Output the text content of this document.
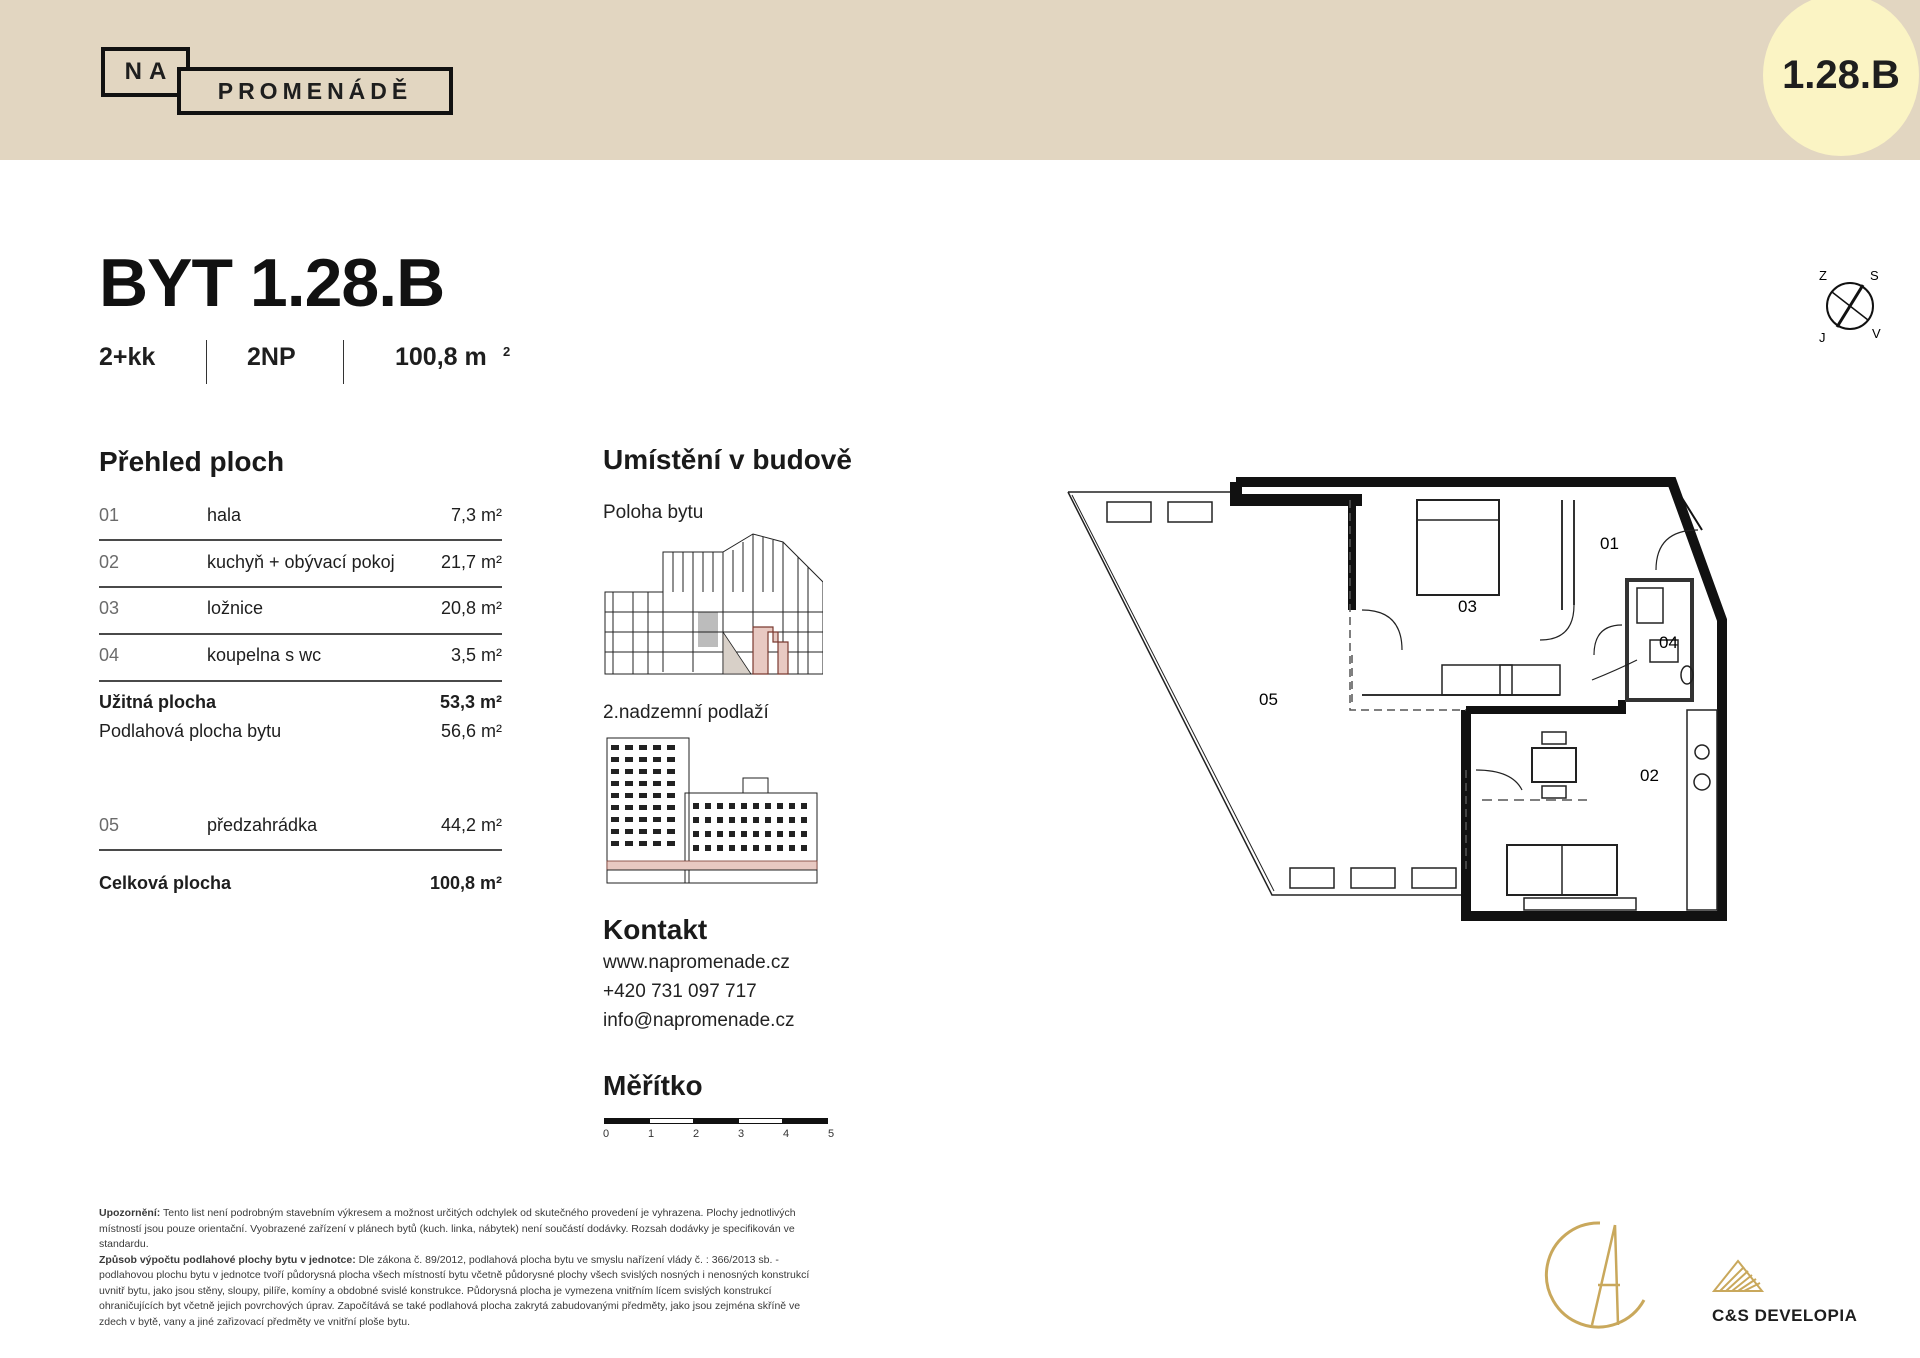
NA
PROMENÁDĚ	1.28.B
BYT 1.28.B
2+kk	2NP	100,8 m 2
Z	S
J	V
Přehled ploch
01	hala	7,3 m²
02	kuchyň + obývací pokoj	21,7 m²
03	ložnice	20,8 m²
04	koupelna s wc	3,5 m²
Užitná plocha	53,3 m²
Podlahová plocha bytu	56,6 m²
05	předzahrádka	44,2 m²
Celková plocha	100,8 m²
Umístění v budově
Poloha bytu
2.nadzemní podlaží
Kontakt
www.napromenade.cz
+420 731 097 717
info@napromenade.cz
Měřítko
0	1	2	3	4	5
01
02
03
04
05
Upozornění: Tento list není podrobným stavebním výkresem a možnost určitých odchylek od skutečného provedení je vyhrazena. Plochy jednotlivých místností jsou pouze orientační. Vyobrazené zařízení v plánech bytů (kuch. linka, nábytek) není součástí dodávky. Rozsah dodávky je specifikován ve standardu.
Způsob výpočtu podlahové plochy bytu v jednotce: Dle zákona č. 89/2012, podlahová plocha bytu ve smyslu nařízení vlády č. : 366/2013 sb. - podlahovou plochu bytu v jednotce tvoří půdorysná plocha všech místností bytu včetně půdorysné plochy všech svislých nosných i nenosných konstrukcí uvnitř bytu, jako jsou stěny, sloupy, pilíře, komíny a obdobné svislé konstrukce. Půdorysná plocha je vymezena vnitřním lícem svislých konstrukcí ohraničujících byt včetně jejich povrchových úprav. Započítává se také podlahová plocha zakrytá zabudovanými předměty, jako jsou zejména skříně ve zdech v bytě, vany a jiné zařizovací předměty ve vnitřní ploše bytu.	C&S DEVELOPIA
